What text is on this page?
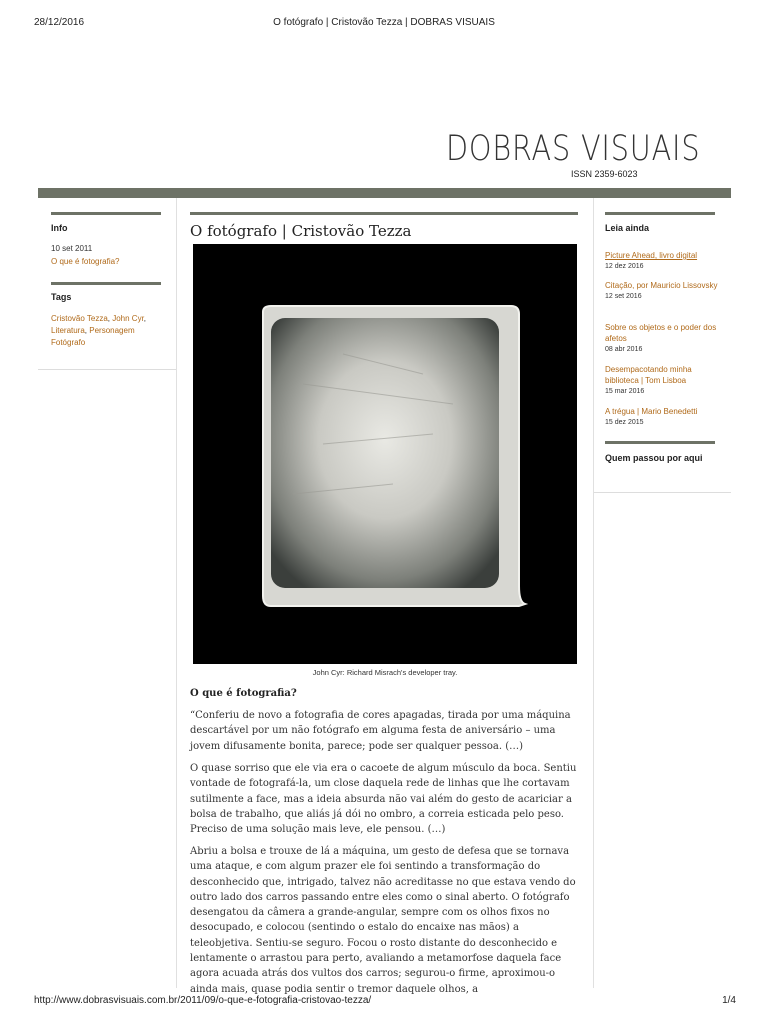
28/12/2016	O fotógrafo | Cristovão Tezza | DOBRAS VISUAIS
DOBRAS VISUAIS
ISSN 2359-6023
Info
10 set 2011
O que é fotografia?
Tags
Cristovão Tezza, John Cyr, Literatura, Personagem Fotógrafo
O fotógrafo | Cristovão Tezza
John Cyr: Richard Misrach's developer tray.
O que é fotografia?

“Conferiu de novo a fotografia de cores apagadas, tirada por uma máquina descartável por um não fotógrafo em alguma festa de aniversário – uma jovem difusamente bonita, parece; pode ser qualquer pessoa. (…)

O quase sorriso que ele via era o cacoete de algum músculo da boca. Sentiu vontade de fotografá-la, um close daquela rede de linhas que lhe cortavam sutilmente a face, mas a ideia absurda não vai além do gesto de acariciar a bolsa de trabalho, que aliás já dói no ombro, a correia esticada pelo peso. Preciso de uma solução mais leve, ele pensou. (…)

Abriu a bolsa e trouxe de lá a máquina, um gesto de defesa que se tornava uma ataque, e com algum prazer ele foi sentindo a transformação do desconhecido que, intrigado, talvez não acreditasse no que estava vendo do outro lado dos carros passando entre eles como o sinal aberto. O fotógrafo desengatou da câmera a grande-angular, sempre com os olhos fixos no desocupado, e colocou (sentindo o estalo do encaixe nas mãos) a teleobjetiva. Sentiu-se seguro. Focou o rosto distante do desconhecido e lentamente o arrastou para perto, avaliando a metamorfose daquela face agora acuada atrás dos vultos dos carros; segurou-o firme, aproximou-o ainda mais, quase podia sentir o tremor daquele olhos, a

Leia ainda
Picture Ahead, livro digital
12 dez 2016
Citação, por Mauricio Lissovsky
12 set 2016
Sobre os objetos e o poder dos afetos
08 abr 2016
Desempacotando minha biblioteca | Tom Lisboa
15 mar 2016
A trégua | Mario Benedetti
15 dez 2015
Quem passou por aqui
http://www.dobrasvisuais.com.br/2011/09/o-que-e-fotografia-cristovao-tezza/	1/4
